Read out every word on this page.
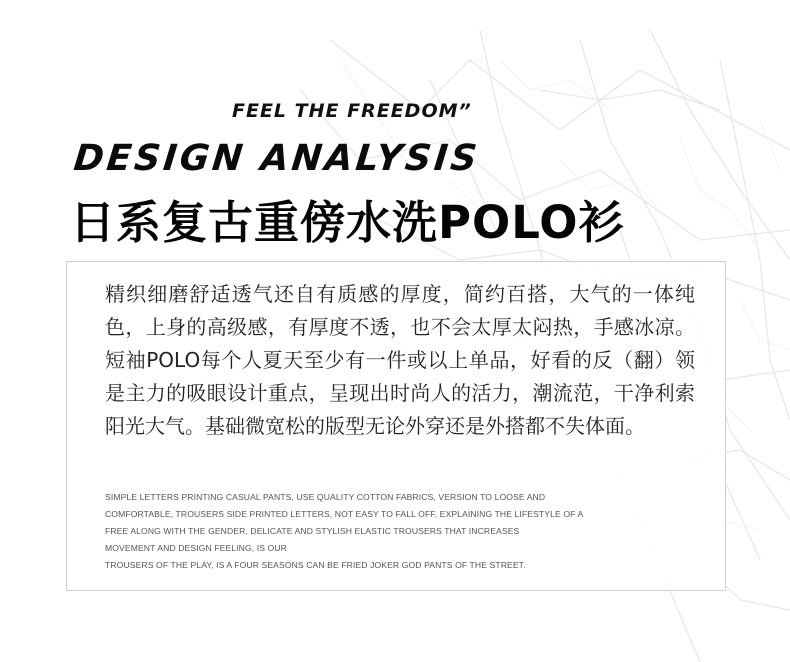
FEEL THE FREEDOM”
DESIGN ANALYSIS
日系复古重傍水洗POLO衫
精织细磨舒适透气还自有质感的厚度，简约百搭，大气的一体纯色，上身的高级感，有厚度不透，也不会太厚太闷热，手感冰凉。短袖POLO每个人夏天至少有一件或以上单品，好看的反（翻）领是主力的吸眼设计重点，呈现出时尚人的活力，潮流范，干净利索阳光大气。基础微宽松的版型无论外穿还是外搭都不失体面。
SIMPLE LETTERS PRINTING CASUAL PANTS, USE QUALITY COTTON FABRICS, VERSION TO LOOSE AND
COMFORTABLE, TROUSERS SIDE PRINTED LETTERS, NOT EASY TO FALL OFF, EXPLAINING THE LIFESTYLE OF A
FREE ALONG WITH THE GENDER, DELICATE AND STYLISH ELASTIC TROUSERS THAT INCREASES
MOVEMENT AND DESIGN FEELING, IS OUR
TROUSERS OF THE PLAY, IS A FOUR SEASONS CAN BE FRIED JOKER GOD PANTS OF THE STREET.
